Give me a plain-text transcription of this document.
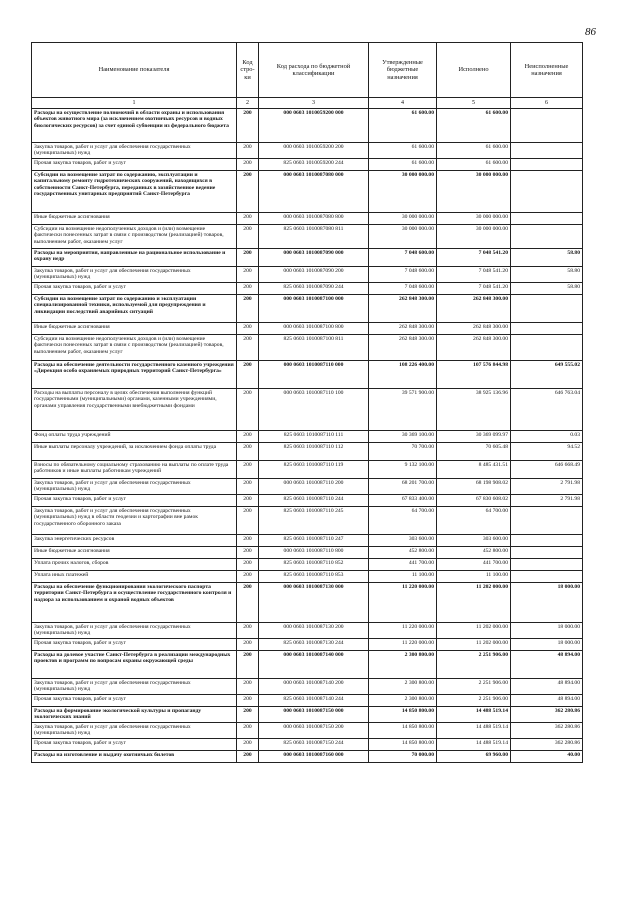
86
Наименование показателя	Код стро- ки	Код расхода по бюджетной классификации	Утвержденные бюджетные назначения	Исполнено	Неисполненные назначения
1	2	3	4	5	6
Расходы на осуществление полномочий в области охраны и использования объектов животного мира (за исключением охотничьих ресурсов и водных биологических ресурсов) за счет единой субвенции из федерального бюджета	200	000 0603 1010059200 000	61 600.00	61 600.00	
Закупка товаров, работ и услуг для обеспечения государственных (муниципальных) нужд	200	000 0603 1010059200 200	61 600.00	61 600.00	
Прочая закупка товаров, работ и услуг	200	825 0603 1010059200 244	61 600.00	61 600.00	
Субсидии на возмещение затрат по содержанию, эксплуатации и капитальному ремонту гидротехнических сооружений, находящихся в собственности Санкт-Петербурга, переданных в хозяйственное ведение государственных унитарных предприятий Санкт-Петербурга	200	000 0603 1010087080 000	30 000 000.00	30 000 000.00	
Иные бюджетные ассигнования	200	000 0603 1010087080 800	30 000 000.00	30 000 000.00	
Субсидии на возмещение недополученных доходов и (или) возмещение фактически понесенных затрат в связи с производством (реализацией) товаров, выполнением работ, оказанием услуг	200	825 0603 1010087080 811	30 000 000.00	30 000 000.00	
Расходы на мероприятия, направленные на рациональное использование и охрану недр	200	000 0603 1010087090 000	7 048 600.00	7 048 541.20	58.80
Закупка товаров, работ и услуг для обеспечения государственных (муниципальных) нужд	200	000 0603 1010087090 200	7 048 600.00	7 048 541.20	58.80
Прочая закупка товаров, работ и услуг	200	825 0603 1010087090 244	7 048 600.00	7 048 541.20	58.80
Субсидии на возмещение затрат по содержанию и эксплуатации специализированной техники, используемой для предупреждения и ликвидации последствий аварийных ситуаций	200	000 0603 1010087100 000	262 848 300.00	262 848 300.00	
Иные бюджетные ассигнования	200	000 0603 1010087100 800	262 848 300.00	262 848 300.00	
Субсидии на возмещение недополученных доходов и (или) возмещение фактически понесенных затрат в связи с производством (реализацией) товаров, выполнением работ, оказанием услуг	200	825 0603 1010087100 811	262 848 300.00	262 848 300.00	
Расходы на обеспечение деятельности государственного казенного учреждения «Дирекция особо охраняемых природных территорий Санкт-Петербурга»	200	000 0603 1010087110 000	108 226 400.00	107 576 844.98	649 555.02
Расходы на выплаты персоналу в целях обеспечения выполнения функций государственными (муниципальными) органами, казенными учреждениями, органами управления государственными внебюджетными фондами	200	000 0603 1010087110 100	39 571 900.00	38 925 136.96	646 763.04
Фонд оплаты труда учреждений	200	825 0603 1010087110 111	30 369 100.00	30 369 099.97	0.03
Иные выплаты персоналу учреждений, за исключением фонда оплаты труда	200	825 0603 1010087110 112	70 700.00	70 605.48	94.52
Взносы по обязательному социальному страхованию на выплаты по оплате труда работников и иные выплаты работникам учреждений	200	825 0603 1010087110 119	9 132 100.00	8 485 431.51	646 668.49
Закупка товаров, работ и услуг для обеспечения государственных (муниципальных) нужд	200	000 0603 1010087110 200	68 201 700.00	68 198 908.02	2 791.98
Прочая закупка товаров, работ и услуг	200	825 0603 1010087110 244	67 833 400.00	67 830 608.02	2 791.98
Закупка товаров, работ и услуг для обеспечения государственных (муниципальных) нужд в области геодезии и картографии вне рамок государственного оборонного заказа	200	825 0603 1010087110 245	64 700.00	64 700.00	
Закупка энергетических ресурсов	200	825 0603 1010087110 247	303 600.00	303 600.00	
Иные бюджетные ассигнования	200	000 0603 1010087110 800	452 800.00	452 800.00	
Уплата прочих налогов, сборов	200	825 0603 1010087110 852	441 700.00	441 700.00	
Уплата иных платежей	200	825 0603 1010087110 853	11 100.00	11 100.00	
Расходы на обеспечение функционирования экологического паспорта территории Санкт-Петербурга и осуществление государственного контроля и надзора за использованием и охраной водных объектов	200	000 0603 1010087130 000	11 220 000.00	11 202 000.00	18 000.00
Закупка товаров, работ и услуг для обеспечения государственных (муниципальных) нужд	200	000 0603 1010087130 200	11 220 000.00	11 202 000.00	18 000.00
Прочая закупка товаров, работ и услуг	200	825 0603 1010087130 244	11 220 000.00	11 202 000.00	18 000.00
Расходы на долевое участие Санкт-Петербурга в реализации международных проектов и программ по вопросам охраны окружающей среды	200	000 0603 1010087140 000	2 300 800.00	2 251 906.00	48 894.00
Закупка товаров, работ и услуг для обеспечения государственных (муниципальных) нужд	200	000 0603 1010087140 200	2 300 800.00	2 251 906.00	48 894.00
Прочая закупка товаров, работ и услуг	200	825 0603 1010087140 244	2 300 800.00	2 251 906.00	48 894.00
Расходы на формирование экологической культуры и пропаганду экологических знаний	200	000 0603 1010087150 000	14 850 800.00	14 488 519.14	362 280.86
Закупка товаров, работ и услуг для обеспечения государственных (муниципальных) нужд	200	000 0603 1010087150 200	14 850 800.00	14 488 519.14	362 280.86
Прочая закупка товаров, работ и услуг	200	825 0603 1010087150 244	14 850 800.00	14 488 519.14	362 280.86
Расходы на изготовление и выдачу охотничьих билетов	200	000 0603 1010087160 000	70 000.00	69 960.00	40.00
